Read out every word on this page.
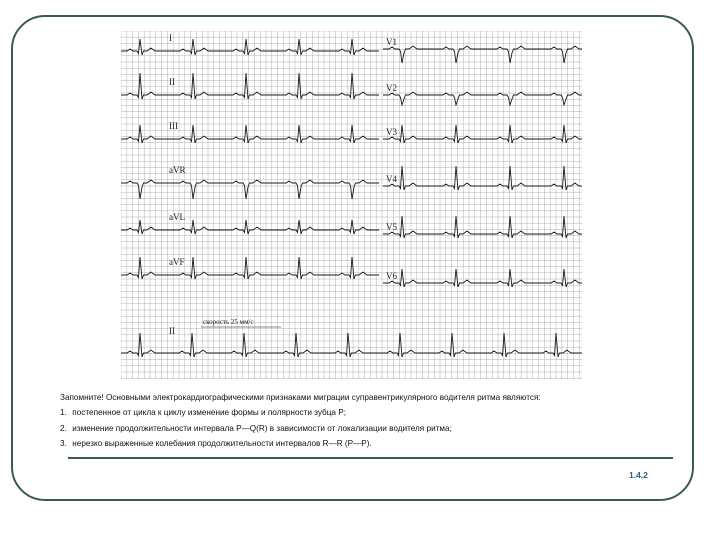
I
II
III
aVR
aVL
aVF
II
V1
V2
V3
V4
V5
V6
скорость 25 мм/с
Запомните! Основными электрокардиографическими признаками миграции суправентрикулярного водителя ритма являются:
1. постепенное от цикла к циклу изменение формы и полярности зубца P;
2. изменение продолжительности интервала P—Q(R) в зависимости от локализации водителя ритма;
3. нерезко выраженные колебания продолжительности интервалов R—R (P—P).
1.4.2
